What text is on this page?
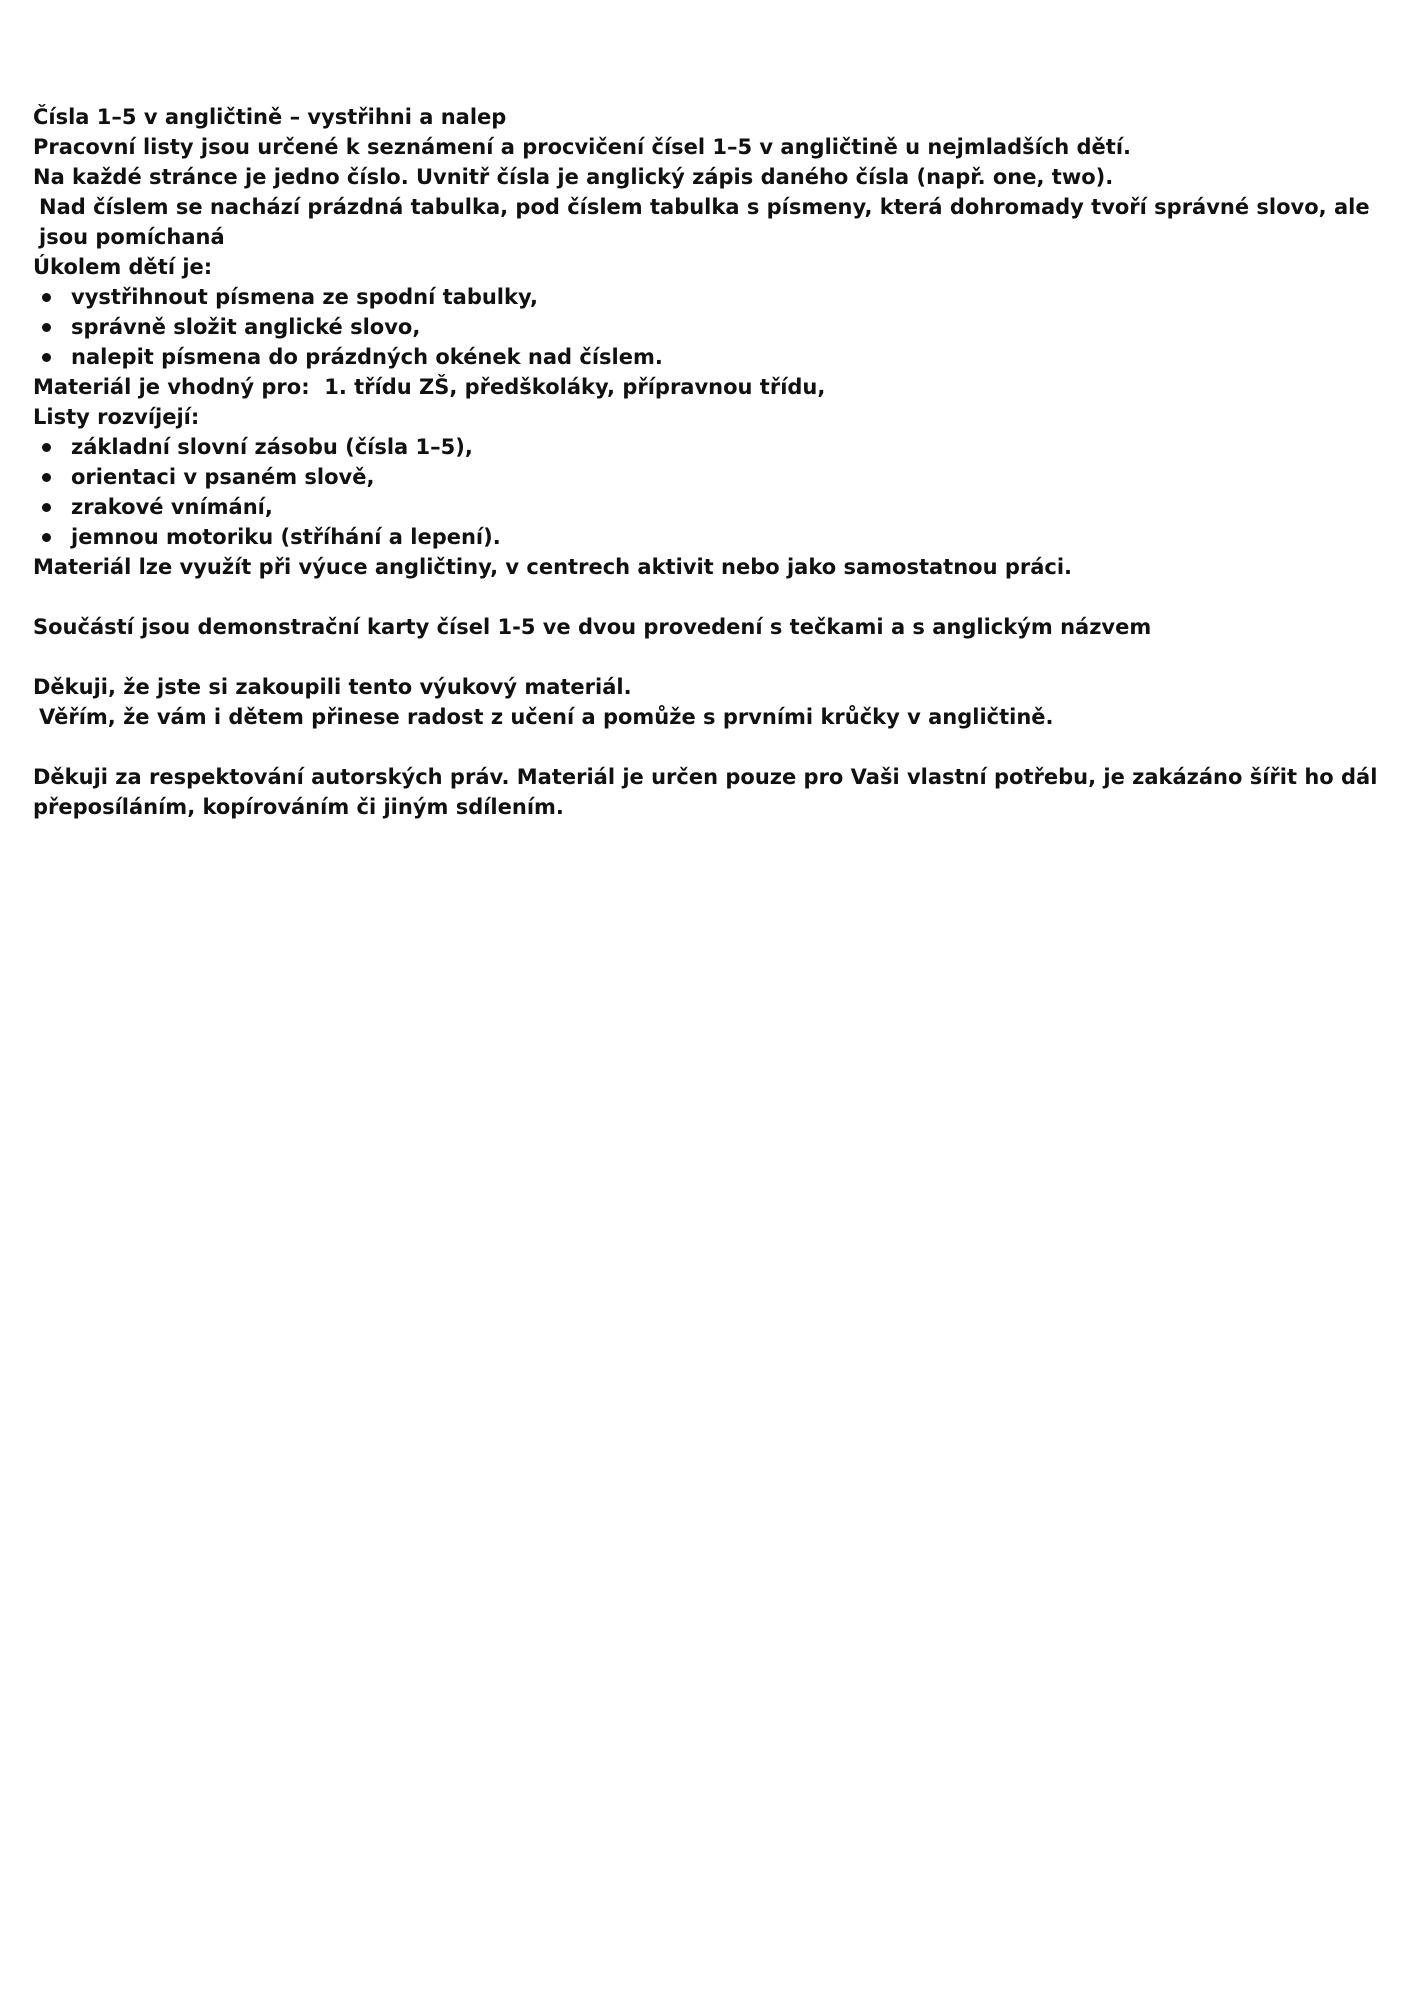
Čísla 1–5 v angličtině – vystřihni a nalep

Pracovní listy jsou určené k seznámení a procvičení čísel 1–5 v angličtině u nejmladších dětí.

Na každé stránce je jedno číslo. Uvnitř čísla je anglický zápis daného čísla (např. one, two).

Nad číslem se nachází prázdná tabulka, pod číslem tabulka s písmeny, která dohromady tvoří správné slovo, ale jsou pomíchaná

Úkolem dětí je:

vystřihnout písmena ze spodní tabulky,
správně složit anglické slovo,
nalepit písmena do prázdných okének nad číslem.

Materiál je vhodný pro:  1. třídu ZŠ, předškoláky, přípravnou třídu,

Listy rozvíjejí:

základní slovní zásobu (čísla 1–5),
orientaci v psaném slově,
zrakové vnímání,
jemnou motoriku (stříhání a lepení).

Materiál lze využít při výuce angličtiny, v centrech aktivit nebo jako samostatnou práci.

Součástí jsou demonstrační karty čísel 1-5 ve dvou provedení s tečkami a s anglickým názvem

Děkuji, že jste si zakoupili tento výukový materiál.

Věřím, že vám i dětem přinese radost z učení a pomůže s prvními krůčky v angličtině.

Děkuji za respektování autorských práv. Materiál je určen pouze pro Vaši vlastní potřebu, je zakázáno šířit ho dál přeposíláním, kopírováním či jiným sdílením.
